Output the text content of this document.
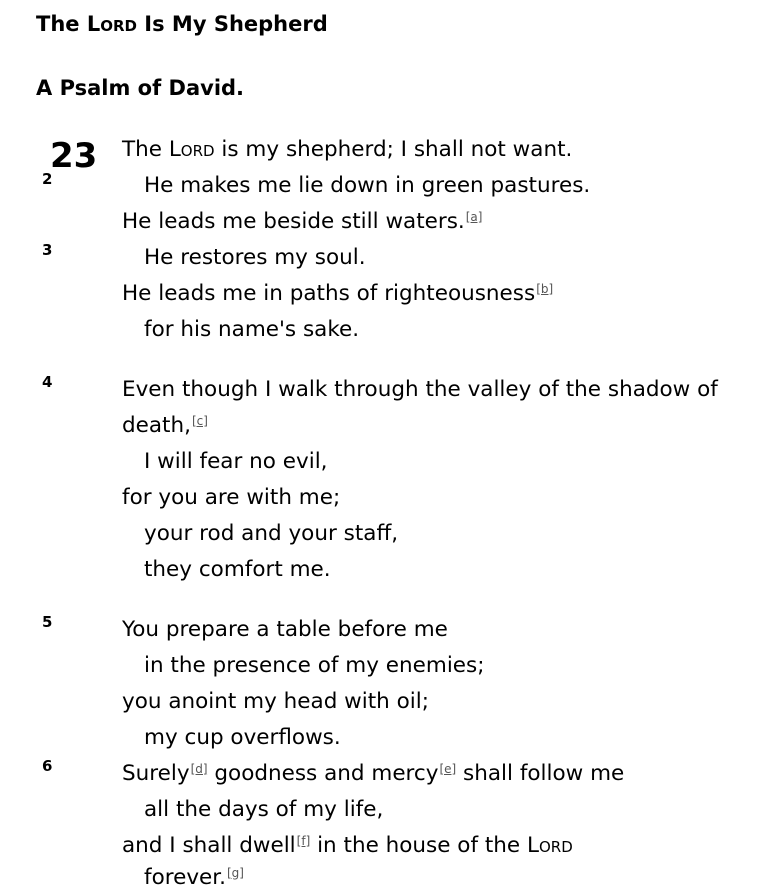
The Lord Is My Shepherd
A Psalm of David.
23
2
3
4
5
6
The Lord is my shepherd; I shall not want.
He makes me lie down in green pastures.
He leads me beside still waters.[a]
He restores my soul.
He leads me in paths of righteousness[b]
for his name's sake.
Even though I walk through the valley of the shadow of
death,[c]
I will fear no evil,
for you are with me;
your rod and your staff,
they comfort me.
You prepare a table before me
in the presence of my enemies;
you anoint my head with oil;
my cup overflows.
Surely[d] goodness and mercy[e] shall follow me
all the days of my life,
and I shall dwell[f] in the house of the Lord
forever.[g]
